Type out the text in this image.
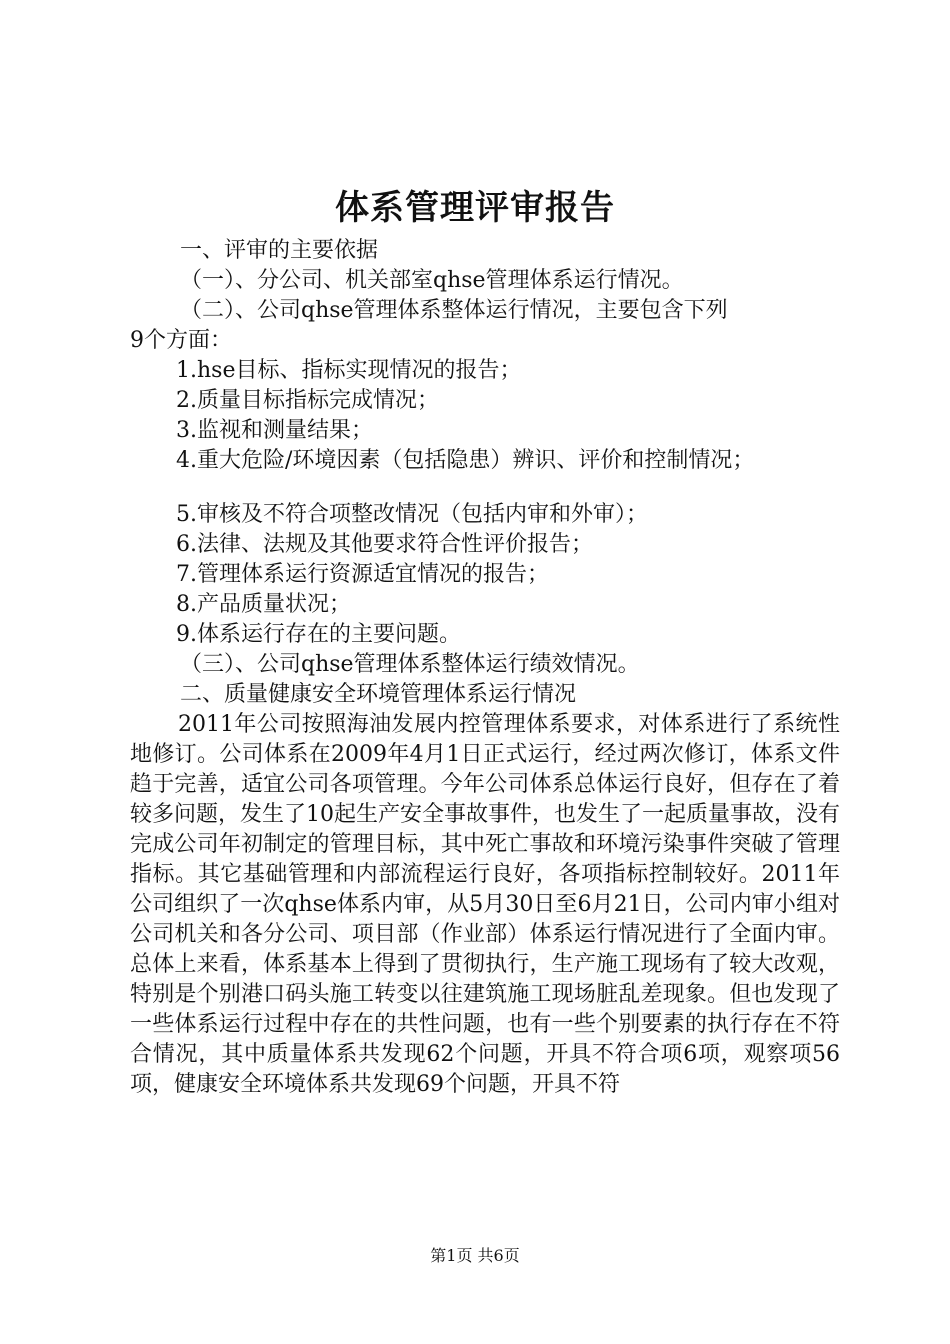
体系管理评审报告
一、评审的主要依据
（一）、分公司、机关部室qhse管理体系运行情况。
（二）、公司qhse管理体系整体运行情况，主要包含下列
9个方面：
1.hse目标、指标实现情况的报告；
2.质量目标指标完成情况；
3.监视和测量结果；
4.重大危险/环境因素（包括隐患）辨识、评价和控制情况；
5.审核及不符合项整改情况（包括内审和外审）；
6.法律、法规及其他要求符合性评价报告；
7.管理体系运行资源适宜情况的报告；
8.产品质量状况；
9.体系运行存在的主要问题。
（三）、公司qhse管理体系整体运行绩效情况。
二、质量健康安全环境管理体系运行情况
2011年公司按照海油发展内控管理体系要求，对体系进行了系统性地修订。公司体系在2009年4月1日正式运行，经过两次修订，体系文件趋于完善，适宜公司各项管理。今年公司体系总体运行良好，但存在了着较多问题，发生了10起生产安全事故事件，也发生了一起质量事故，没有完成公司年初制定的管理目标，其中死亡事故和环境污染事件突破了管理指标。其它基础管理和内部流程运行良好，各项指标控制较好。2011年公司组织了一次qhse体系内审，从5月30日至6月21日，公司内审小组对公司机关和各分公司、项目部（作业部）体系运行情况进行了全面内审。总体上来看，体系基本上得到了贯彻执行，生产施工现场有了较大改观，特别是个别港口码头施工转变以往建筑施工现场脏乱差现象。但也发现了一些体系运行过程中存在的共性问题，也有一些个别要素的执行存在不符合情况，其中质量体系共发现62个问题，开具不符合项6项，观察项56项，健康安全环境体系共发现69个问题，开具不符
第1页 共6页
